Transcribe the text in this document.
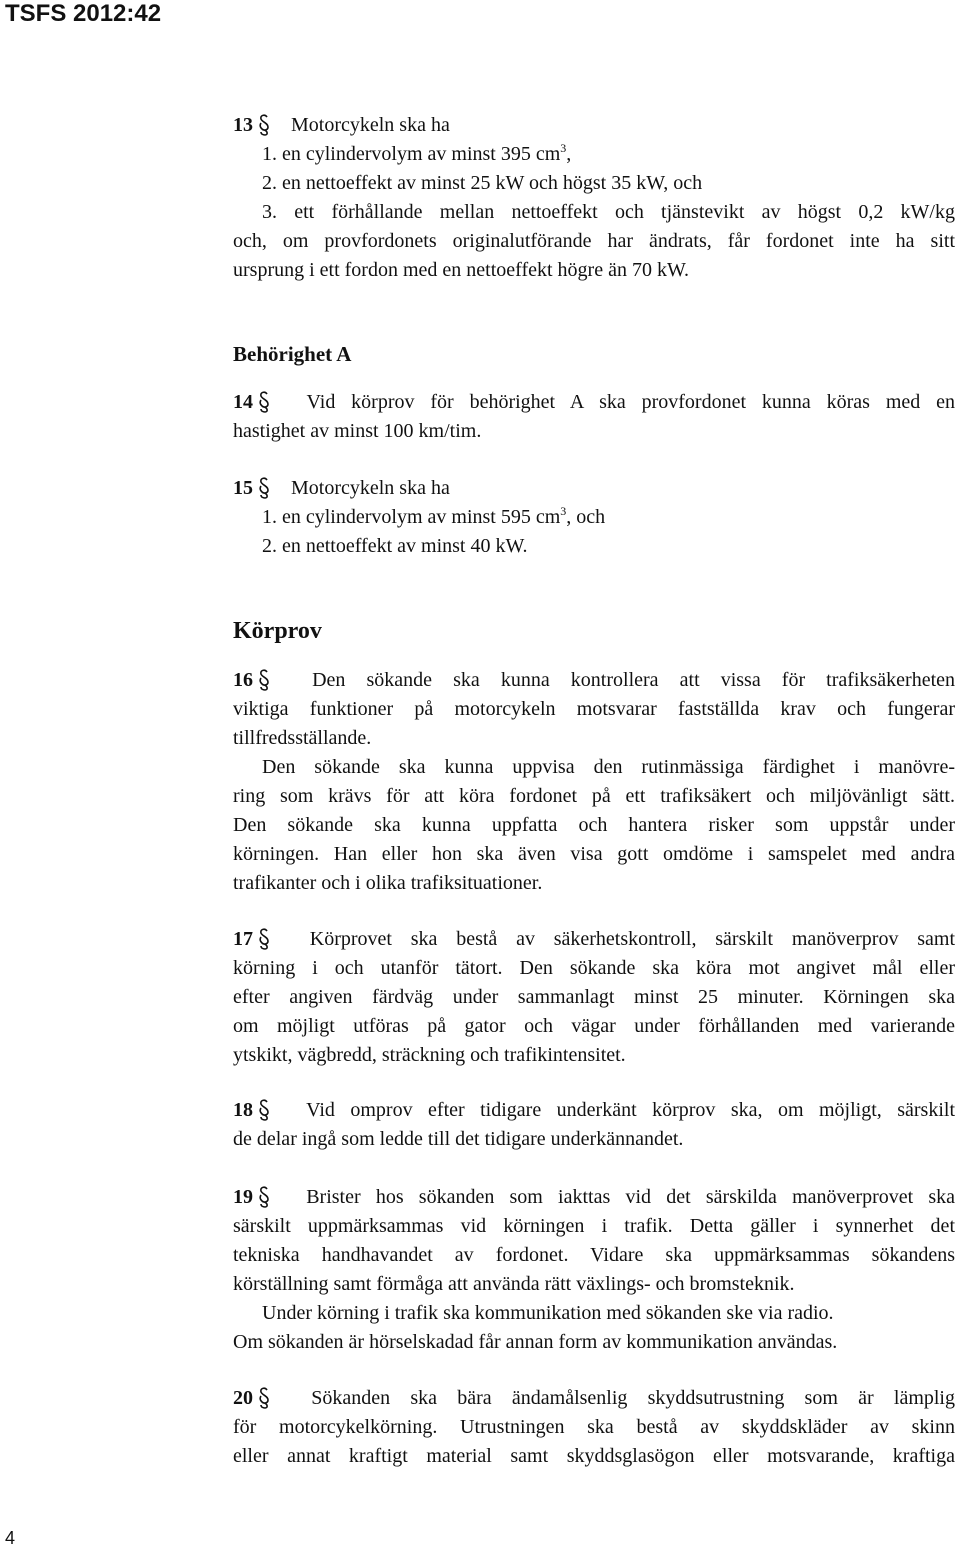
TSFS 2012:42
13 Motorcykeln ska ha
1. en cylindervolym av minst 395 $cm^3$,
2. en nettoeffekt av minst 25 kW och högst 35 kW, och
3. ett förhållande mellan nettoeffekt och tjänstevikt av högst 0,2 kW/kg
och, om provfordonets originalutförande har ändrats, får fordonet inte ha sitt
ursprung i ett fordon med en nettoeffekt högre än 70 kW.
Behörighet A
14	Vid körprov för behörighet A ska provfordonet kunna köras med en
hastighet av minst 100 km/tim.
15 Motorcykeln ska ha
1. en cylindervolym av minst 595 $cm^3$, och
2. en nettoeffekt av minst 40 kW.
Körprov
16	Den sökande ska kunna kontrollera att vissa för trafiksäkerheten
viktiga funktioner på motorcykeln motsvarar fastställda krav och fungerar
tillfredsställande.
Den sökande ska kunna uppvisa den rutinmässiga färdighet i manövre-
ring som krävs för att köra fordonet på ett trafiksäkert och miljövänligt sätt.
Den sökande ska kunna uppfatta och hantera risker som uppstår under
körningen. Han eller hon ska även visa gott omdöme i samspelet med andra
trafikanter och i olika trafiksituationer.
17	Körprovet ska bestå av säkerhetskontroll, särskilt manöverprov samt
körning i och utanför tätort. Den sökande ska köra mot angivet mål eller
efter angiven färdväg under sammanlagt minst 25 minuter. Körningen ska
om möjligt utföras på gator och vägar under förhållanden med varierande
ytskikt, vägbredd, sträckning och trafikintensitet.
18	Vid omprov efter tidigare underkänt körprov ska, om möjligt, särskilt
de delar ingå som ledde till det tidigare underkännandet.
19	Brister hos sökanden som iakttas vid det särskilda manöverprovet ska
särskilt uppmärksammas vid körningen i trafik. Detta gäller i synnerhet det
tekniska handhavandet av fordonet. Vidare ska uppmärksammas sökandens
körställning samt förmåga att använda rätt växlings- och bromsteknik.
Under körning i trafik ska kommunikation med sökanden ske via radio.
Om sökanden är hörselskadad får annan form av kommunikation användas.
20	Sökanden ska bära ändamålsenlig skyddsutrustning som är lämplig
för motorcykelkörning. Utrustningen ska bestå av skyddskläder av skinn
eller annat kraftigt material samt skyddsglasögon eller motsvarande, kraftiga
4
